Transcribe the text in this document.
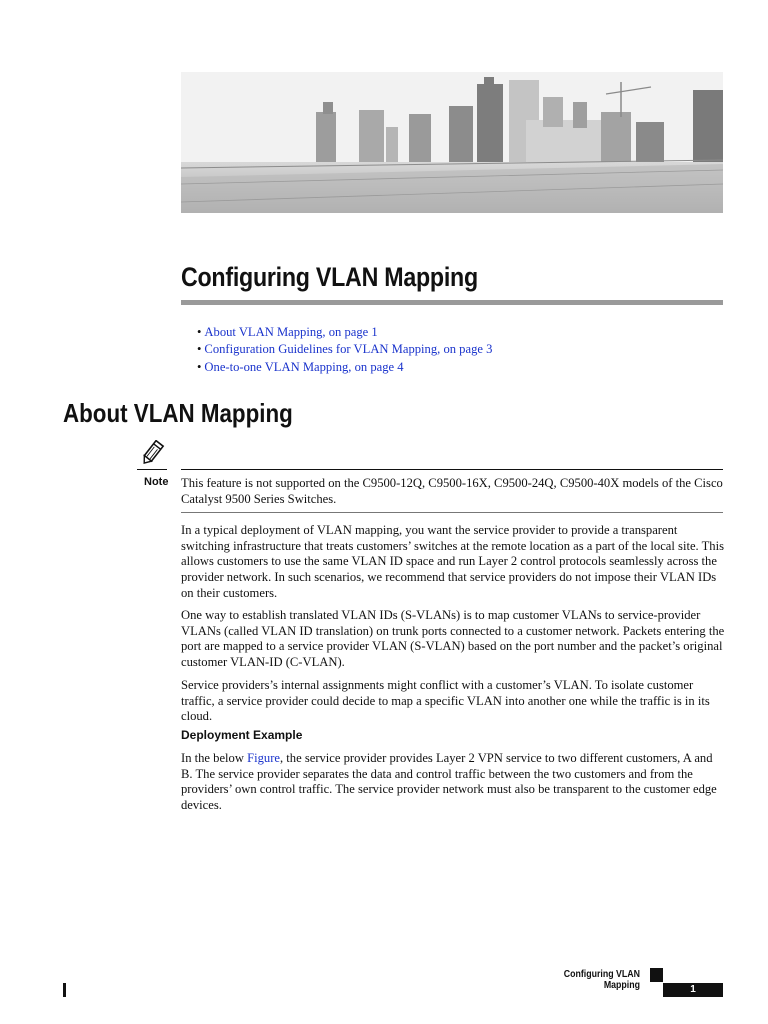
Configuring VLAN Mapping
• About VLAN Mapping, on page 1
• Configuration Guidelines for VLAN Mapping, on page 3
• One-to-one VLAN Mapping, on page 4
About VLAN Mapping
Note This feature is not supported on the C9500-12Q, C9500-16X, C9500-24Q, C9500-40X models of the Cisco Catalyst 9500 Series Switches.

In a typical deployment of VLAN mapping, you want the service provider to provide a transparent switching infrastructure that treats customers’ switches at the remote location as a part of the local site. This allows customers to use the same VLAN ID space and run Layer 2 control protocols seamlessly across the provider network. In such scenarios, we recommend that service providers do not impose their VLAN IDs on their customers.

One way to establish translated VLAN IDs (S-VLANs) is to map customer VLANs to service-provider VLANs (called VLAN ID translation) on trunk ports connected to a customer network. Packets entering the port are mapped to a service provider VLAN (S-VLAN) based on the port number and the packet’s original customer VLAN-ID (C-VLAN).

Service providers’s internal assignments might conflict with a customer’s VLAN. To isolate customer traffic, a service provider could decide to map a specific VLAN into another one while the traffic is in its cloud.

Deployment Example

In the below Figure, the service provider provides Layer 2 VPN service to two different customers, A and B. The service provider separates the data and control traffic between the two customers and from the providers’ own control traffic. The service provider network must also be transparent to the customer edge devices.

Configuring VLAN Mapping	1
